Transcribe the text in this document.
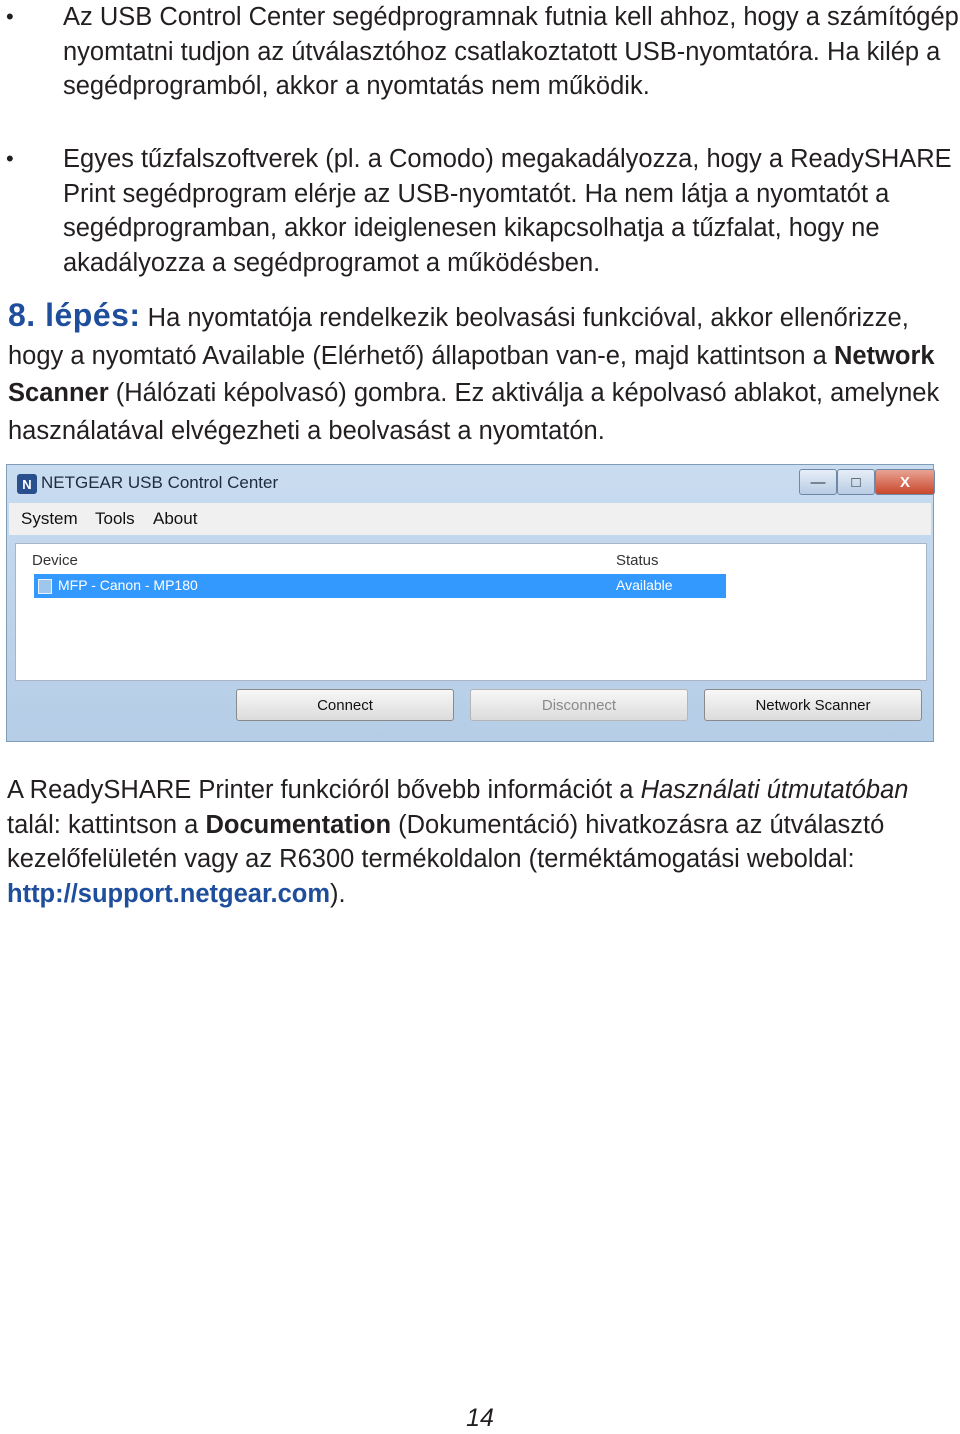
• Az USB Control Center segédprogramnak futnia kell ahhoz, hogy a számítógép nyomtatni tudjon az útválasztóhoz csatlakoztatott USB-nyomtatóra. Ha kilép a segédprogramból, akkor a nyomtatás nem működik.

• Egyes tűzfalszoftverek (pl. a Comodo) megakadályozza, hogy a ReadySHARE Print segédprogram elérje az USB-nyomtatót. Ha nem látja a nyomtatót a segédprogramban, akkor ideiglenesen kikapcsolhatja a tűzfalat, hogy ne akadályozza a segédprogramot a működésben.

8. lépés: Ha nyomtatója rendelkezik beolvasási funkcióval, akkor ellenőrizze, hogy a nyomtató Available (Elérhető) állapotban van-e, majd kattintson a Network Scanner (Hálózati képolvasó) gombra. Ez aktiválja a képolvasó ablakot, amelynek használatával elvégezheti a beolvasást a nyomtatón.

N NETGEAR USB Control Center	—	□	X
System Tools About
Device	Status
MFP - Canon - MP180	Available
Connect	Disconnect	Network Scanner

A ReadySHARE Printer funkcióról bővebb információt a Használati útmutatóban talál: kattintson a Documentation (Dokumentáció) hivatkozásra az útválasztó kezelőfelületén vagy az R6300 termékoldalon (terméktámogatási weboldal: http://support.netgear.com).

14
